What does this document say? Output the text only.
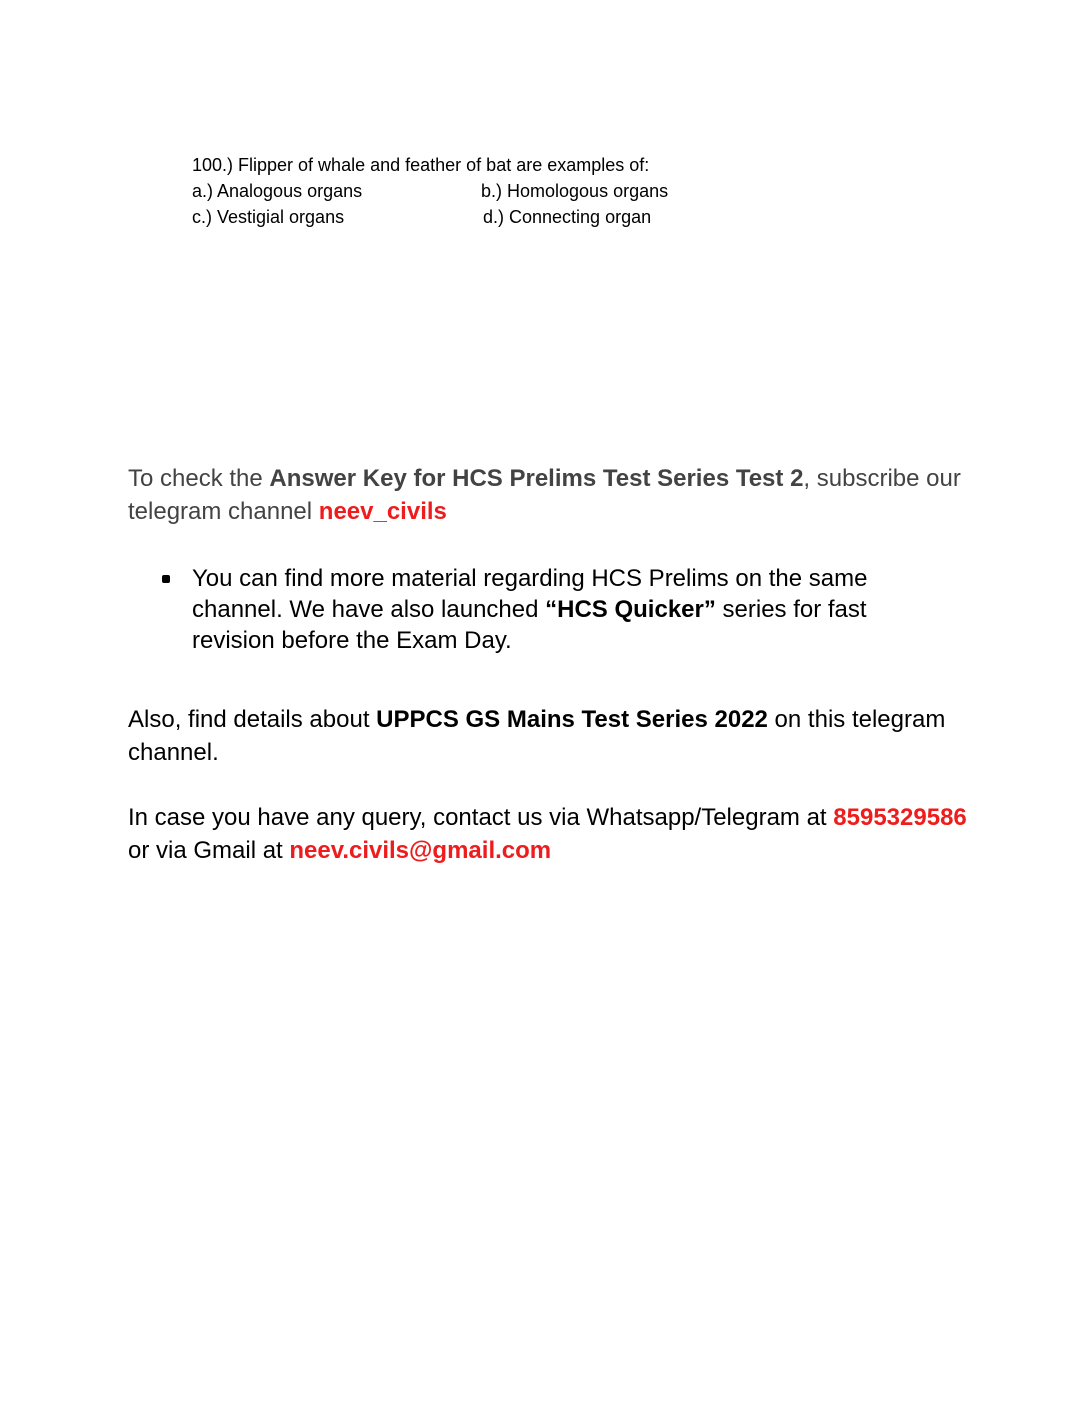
100.) Flipper of whale and feather of bat are examples of:
a.) Analogous organs	b.) Homologous organs
c.) Vestigial organs	d.) Connecting organ

To check the Answer Key for HCS Prelims Test Series Test 2, subscribe our telegram channel neev_civils

You can find more material regarding HCS Prelims on the same channel. We have also launched “HCS Quicker” series for fast revision before the Exam Day.

Also, find details about UPPCS GS Mains Test Series 2022 on this telegram channel.

In case you have any query, contact us via Whatsapp/Telegram at 8595329586 or via Gmail at neev.civils@gmail.com
